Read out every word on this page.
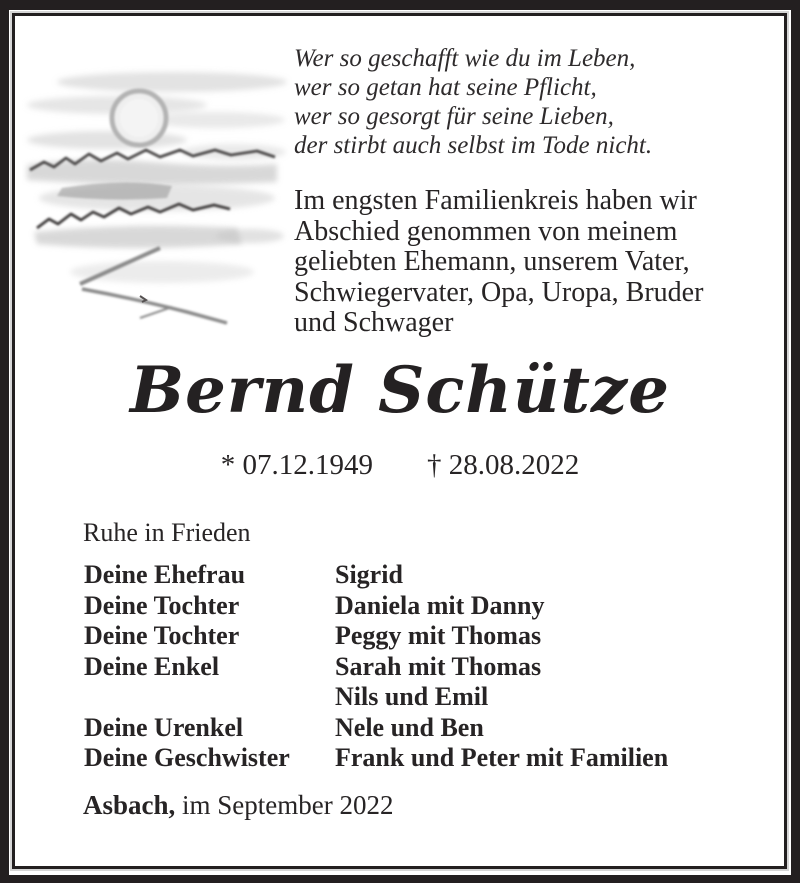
Wer so geschafft wie du im Leben,
wer so getan hat seine Pflicht,
wer so gesorgt für seine Lieben,
der stirbt auch selbst im Tode nicht.
Im engsten Familienkreis haben wir
Abschied genommen von meinem
geliebten Ehemann, unserem Vater,
Schwiegervater, Opa, Uropa, Bruder
und Schwager
Bernd Schütze
* 07.12.1949 † 28.08.2022
Ruhe in Frieden
Deine Ehefrau	Sigrid
Deine Tochter	Daniela mit Danny
Deine Tochter	Peggy mit Thomas
Deine Enkel	Sarah mit Thomas
Nils und Emil
Deine Urenkel	Nele und Ben
Deine Geschwister Frank und Peter mit Familien
Asbach, im September 2022
